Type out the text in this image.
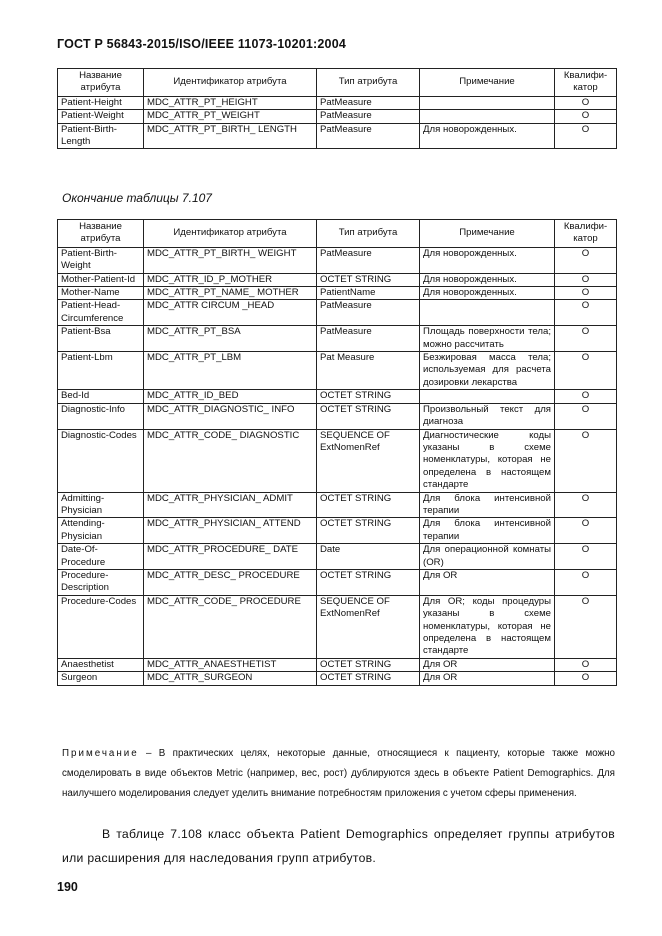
ГОСТ Р 56843-2015/ISO/IEEE 11073-10201:2004
Название атрибута	Идентификатор атрибута	Тип атрибута	Примечание	Квалифи-катор
Patient-Height	MDC_ATTR_PT_HEIGHT	PatMeasure		O
Patient-Weight	MDC_ATTR_PT_WEIGHT	PatMeasure		O
Patient-Birth-Length	MDC_ATTR_PT_BIRTH_ LENGTH	PatMeasure	Для новорожденных.	O
Окончание таблицы 7.107
Название атрибута	Идентификатор атрибута	Тип атрибута	Примечание	Квалифи-катор
Patient-Birth-Weight	MDC_ATTR_PT_BIRTH_ WEIGHT	PatMeasure	Для новорожденных.	O
Mother-Patient-Id	MDC_ATTR_ID_P_MOTHER	OCTET STRING	Для новорожденных.	O
Mother-Name	MDC_ATTR_PT_NAME_ MOTHER	PatientName	Для новорожденных.	O
Patient-Head-Circumference	MDC_ATTR CIRCUM _HEAD	PatMeasure		O
Patient-Bsa	MDC_ATTR_PT_BSA	PatMeasure	Площадь поверхности тела; можно рассчитать	O
Patient-Lbm	MDC_ATTR_PT_LBM	Pat Measure	Безжировая масса тела; используемая для расчета дозировки лекарства	O
Bed-Id	MDC_ATTR_ID_BED	OCTET STRING		O
Diagnostic-Info	MDC_ATTR_DIAGNOSTIC_ INFO	OCTET STRING	Произвольный текст для диагноза	O
Diagnostic-Codes	MDC_ATTR_CODE_ DIAGNOSTIC	SEQUENCE OF ExtNomenRef	Диагностические коды указаны в схеме номенклатуры, которая не определена в настоящем стандарте	O
Admitting-Physician	MDC_ATTR_PHYSICIAN_ ADMIT	OCTET STRING	Для блока интенсивной терапии	O
Attending-Physician	MDC_ATTR_PHYSICIAN_ ATTEND	OCTET STRING	Для блока интенсивной терапии	O
Date-Of-Procedure	MDC_ATTR_PROCEDURE_ DATE	Date	Для операционной комнаты (OR)	O
Procedure-Description	MDC_ATTR_DESC_ PROCEDURE	OCTET STRING	Для OR	O
Procedure-Codes	MDC_ATTR_CODE_ PROCEDURE	SEQUENCE OF ExtNomenRef	Для OR; коды процедуры указаны в схеме номенклатуры, которая не определена в настоящем стандарте	O
Anaesthetist	MDC_ATTR_ANAESTHETIST	OCTET STRING	Для OR	O
Surgeon	MDC_ATTR_SURGEON	OCTET STRING	Для OR	O
Примечание – В практических целях, некоторые данные, относящиеся к пациенту, которые также можно смоделировать в виде объектов Metric (например, вес, рост) дублируются здесь в объекте Patient Demographics. Для наилучшего моделирования следует уделить внимание потребностям приложения с учетом сферы применения.
В таблице 7.108 класс объекта Patient Demographics определяет группы атрибутов или расширения для наследования групп атрибутов.
190
